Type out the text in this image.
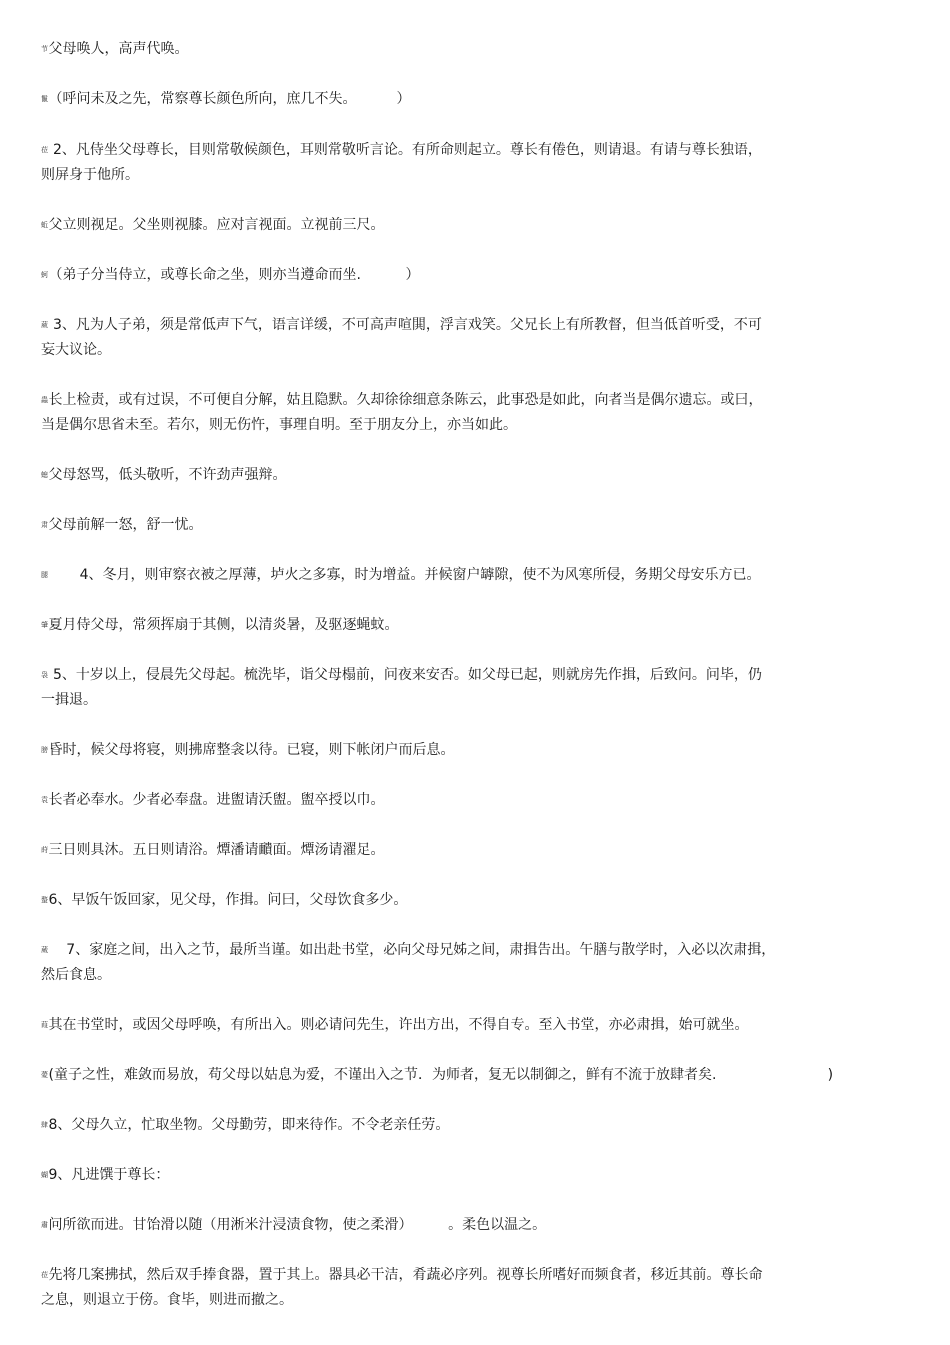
节父母唤人，高声代唤。
鬣（呼问未及之先，常察尊长颜色所向，庶几不失。         ）
莅 2、凡侍坐父母尊长，目则常敬候颜色，耳则常敬听言论。有所命则起立。尊长有倦色，则请退。有请与尊长独语，
则屏身于他所。
蚯父立则视足。父坐则视膝。应对言视面。立视前三尺。
蚵（弟子分当侍立，或尊长命之坐，则亦当遵命而坐.          ）
葳 3、凡为人子弟，须是常低声下气，语言详缓，不可高声喧閧，浮言戏笑。父兄长上有所教督，但当低首听受，不可
妄大议论。
蟲长上检责，或有过误，不可便自分解，姑且隐默。久却徐徐细意条陈云，此事恐是如此，向者当是偶尔遗忘。或曰，
当是偶尔思省未至。若尔，则无伤忤，事理自明。至于朋友分上，亦当如此。
螅父母怒骂，低头敬听，不许劲声强辩。
肃父母前解一怒，舒一忧。
腿       4、冬月，则审察衣被之厚薄，垆火之多寡，时为增益。并候窗户罅隙，使不为风寒所侵，务期父母安乐方已。
肇夏月侍父母，常须挥扇于其侧，以清炎暑，及驱逐蝇蚊。
袅 5、十岁以上，侵晨先父母起。梳洗毕，诣父母榻前，问夜来安否。如父母已起，则就房先作揖，后致问。问毕，仍
一揖退。
膀昏时，候父母将寝，则拂席整衾以待。已寝，则下帐闭户而后息。
袁长者必奉水。少者必奉盘。进盥请沃盥。盥卒授以巾。
莳三日则具沐。五日则请浴。燂潘请靧面。燂汤请濯足。
螯6、早饭午饭回家，见父母，作揖。问曰，父母饮食多少。
蒇    7、家庭之间，出入之节，最所当谨。如出赴书堂，必向父母兄姊之间，肃揖告出。午膳与散学时，入必以次肃揖，
然后食息。
葭其在书堂时，或因父母呼唤，有所出入。则必请问先生，许出方出，不得自专。至入书堂，亦必肃揖，始可就坐。
薆(童子之性，难敛而易放，苟父母以姑息为爱，不谨出入之节．为师者，复无以制御之，鲜有不流于放肆者矣.                         )
肆8、父母久立，忙取坐物。父母勤劳，即来待作。不令老亲任劳。
蝴9、凡进馔于尊长：
肅问所欲而进。甘饴滑以随（用淅米汁浸渍食物，使之柔滑）        。柔色以温之。
莅先将几案拂拭，然后双手捧食器，置于其上。器具必干洁，肴蔬必序列。视尊长所嗜好而频食者，移近其前。尊长命
之息，则退立于傍。食毕，则进而撤之。
